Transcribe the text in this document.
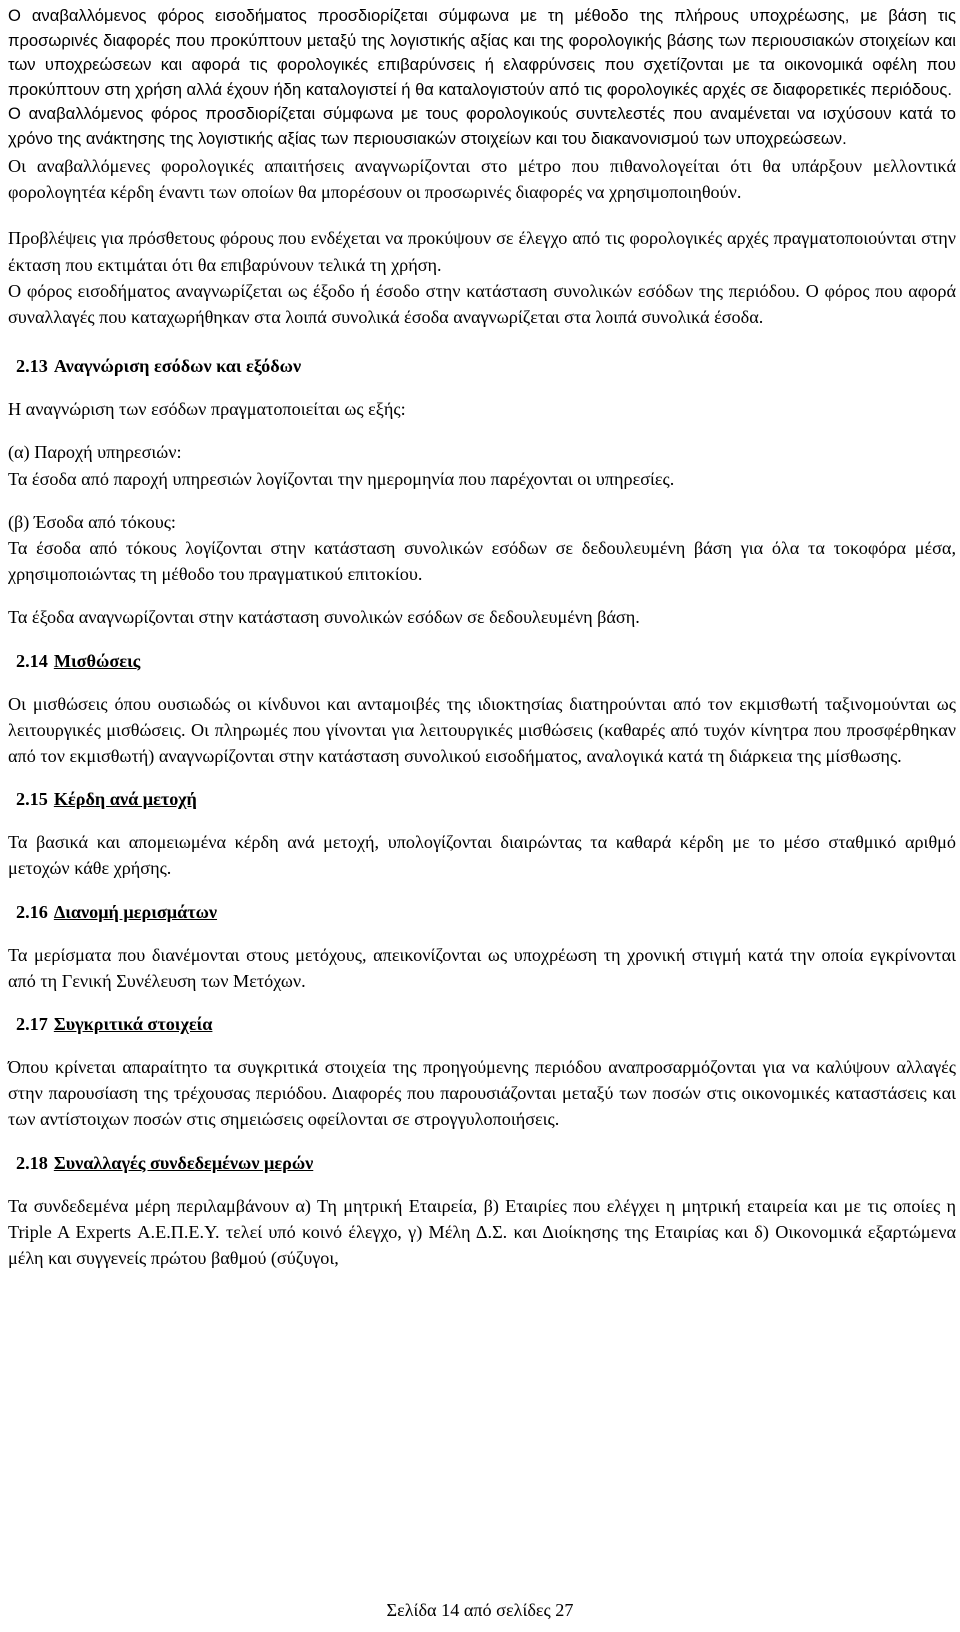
Ο αναβαλλόμενος φόρος εισοδήματος προσδιορίζεται σύμφωνα με τη μέθοδο της πλήρους υποχρέωσης, με βάση τις προσωρινές διαφορές που προκύπτουν μεταξύ της λογιστικής αξίας και της φορολογικής βάσης των περιουσιακών στοιχείων και των υποχρεώσεων και αφορά τις φορολογικές επιβαρύνσεις ή ελαφρύνσεις που σχετίζονται με τα οικονομικά οφέλη που προκύπτουν στη χρήση αλλά έχουν ήδη καταλογιστεί ή θα καταλογιστούν από τις φορολογικές αρχές σε διαφορετικές περιόδους.

Ο αναβαλλόμενος φόρος προσδιορίζεται σύμφωνα με τους φορολογικούς συντελεστές που αναμένεται να ισχύσουν κατά το χρόνο της ανάκτησης της λογιστικής αξίας των περιουσιακών στοιχείων και του διακανονισμού των υποχρεώσεων.

Οι αναβαλλόμενες φορολογικές απαιτήσεις αναγνωρίζονται στο μέτρο που πιθανολογείται ότι θα υπάρξουν μελλοντικά φορολογητέα κέρδη έναντι των οποίων θα μπορέσουν οι προσωρινές διαφορές να χρησιμοποιηθούν.

Προβλέψεις για πρόσθετους φόρους που ενδέχεται να προκύψουν σε έλεγχο από τις φορολογικές αρχές πραγματοποιούνται στην έκταση που εκτιμάται ότι θα επιβαρύνουν τελικά τη χρήση.

Ο φόρος εισοδήματος αναγνωρίζεται ως έξοδο ή έσοδο στην κατάσταση συνολικών εσόδων της περιόδου. Ο φόρος που αφορά συναλλαγές που καταχωρήθηκαν στα λοιπά συνολικά έσοδα αναγνωρίζεται στα λοιπά συνολικά έσοδα.

2.13 Αναγνώριση εσόδων και εξόδων

Η αναγνώριση των εσόδων πραγματοποιείται ως εξής:

(α) Παροχή υπηρεσιών:

Τα έσοδα από παροχή υπηρεσιών λογίζονται την ημερομηνία που παρέχονται οι υπηρεσίες.

(β) Έσοδα από τόκους:

Τα έσοδα από τόκους λογίζονται στην κατάσταση συνολικών εσόδων σε δεδουλευμένη βάση για όλα τα τοκοφόρα μέσα, χρησιμοποιώντας τη μέθοδο του πραγματικού επιτοκίου.

Τα έξοδα αναγνωρίζονται στην κατάσταση συνολικών εσόδων σε δεδουλευμένη βάση.

2.14 Μισθώσεις

Οι μισθώσεις όπου ουσιωδώς οι κίνδυνοι και ανταμοιβές της ιδιοκτησίας διατηρούνται από τον εκμισθωτή ταξινομούνται ως λειτουργικές μισθώσεις. Οι πληρωμές που γίνονται για λειτουργικές μισθώσεις (καθαρές από τυχόν κίνητρα που προσφέρθηκαν από τον εκμισθωτή) αναγνωρίζονται στην κατάσταση συνολικού εισοδήματος, αναλογικά κατά τη διάρκεια της μίσθωσης.

2.15 Κέρδη ανά μετοχή

Τα βασικά και απομειωμένα κέρδη ανά μετοχή, υπολογίζονται διαιρώντας τα καθαρά κέρδη με το μέσο σταθμικό αριθμό μετοχών κάθε χρήσης.

2.16 Διανομή μερισμάτων

Τα μερίσματα που διανέμονται στους μετόχους, απεικονίζονται ως υποχρέωση τη χρονική στιγμή κατά την οποία εγκρίνονται από τη Γενική Συνέλευση των Μετόχων.

2.17 Συγκριτικά στοιχεία

Όπου κρίνεται απαραίτητο τα συγκριτικά στοιχεία της προηγούμενης περιόδου αναπροσαρμόζονται για να καλύψουν αλλαγές στην παρουσίαση της τρέχουσας περιόδου. Διαφορές που παρουσιάζονται μεταξύ των ποσών στις οικονομικές καταστάσεις και των αντίστοιχων ποσών στις σημειώσεις οφείλονται σε στρογγυλοποιήσεις.

2.18 Συναλλαγές συνδεδεμένων μερών

Τα συνδεδεμένα μέρη περιλαμβάνουν α) Τη μητρική Εταιρεία, β) Εταιρίες που ελέγχει η μητρική εταιρεία και με τις οποίες η Triple A Experts Α.Ε.Π.Ε.Υ. τελεί υπό κοινό έλεγχο, γ) Μέλη Δ.Σ. και Διοίκησης της Εταιρίας και δ) Οικονομικά εξαρτώμενα μέλη και συγγενείς πρώτου βαθμού (σύζυγοι,

Σελίδα 14 από σελίδες 27
